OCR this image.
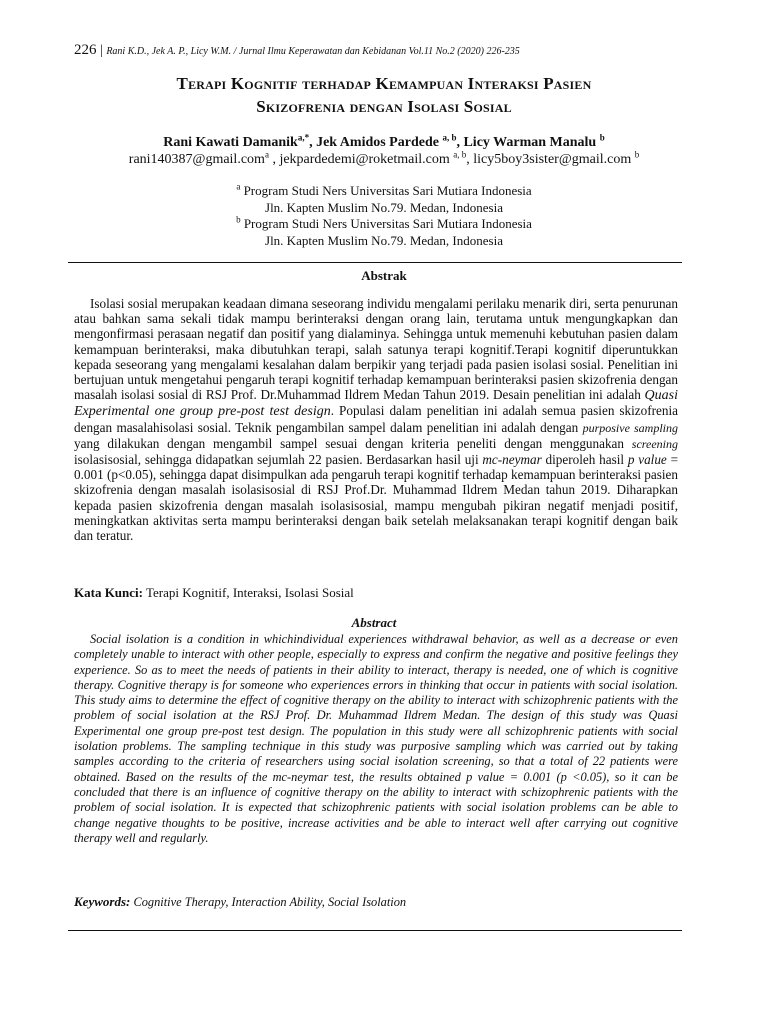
226 | Rani K.D., Jek A. P., Licy W.M. / Jurnal Ilmu Keperawatan dan Kebidanan Vol.11 No.2 (2020) 226-235
Terapi Kognitif terhadap Kemampuan Interaksi Pasien
Skizofrenia dengan Isolasi Sosial
Rani Kawati Damanik$^{a,*}$, Jek Amidos Pardede $^{a, b}$, Licy Warman Manalu $^b$
rani140387@gmail.com$^a$ , jekpardedemi@roketmail.com $^{a, b}$, licy5boy3sister@gmail.com $^b$
$^a$ Program Studi Ners Universitas Sari Mutiara Indonesia
Jln. Kapten Muslim No.79. Medan, Indonesia
$^b$ Program Studi Ners Universitas Sari Mutiara Indonesia
Jln. Kapten Muslim No.79. Medan, Indonesia
Abstrak

Isolasi sosial merupakan keadaan dimana seseorang individu mengalami perilaku menarik diri, serta penurunan atau bahkan sama sekali tidak mampu berinteraksi dengan orang lain, terutama untuk mengungkapkan dan mengonfirmasi perasaan negatif dan positif yang dialaminya. Sehingga untuk memenuhi kebutuhan pasien dalam kemampuan berinteraksi, maka dibutuhkan terapi, salah satunya terapi kognitif.Terapi kognitif diperuntukkan kepada seseorang yang mengalami kesalahan dalam berpikir yang terjadi pada pasien isolasi sosial. Penelitian ini bertujuan untuk mengetahui pengaruh terapi kognitif terhadap kemampuan berinteraksi pasien skizofrenia dengan masalah isolasi sosial di RSJ Prof. Dr.Muhammad Ildrem Medan Tahun 2019. Desain penelitian ini adalah Quasi Experimental one group pre-post test design. Populasi dalam penelitian ini adalah semua pasien skizofrenia dengan masalahisolasi sosial. Teknik pengambilan sampel dalam penelitian ini adalah dengan purposive sampling yang dilakukan dengan mengambil sampel sesuai dengan kriteria peneliti dengan menggunakan screening isolasisosial, sehingga didapatkan sejumlah 22 pasien. Berdasarkan hasil uji mc-neymar diperoleh hasil p value = 0.001 (p<0.05), sehingga dapat disimpulkan ada pengaruh terapi kognitif terhadap kemampuan berinteraksi pasien skizofrenia dengan masalah isolasisosial di RSJ Prof.Dr. Muhammad Ildrem Medan tahun 2019. Diharapkan kepada pasien skizofrenia dengan masalah isolasisosial, mampu mengubah pikiran negatif menjadi positif, meningkatkan aktivitas serta mampu berinteraksi dengan baik setelah melaksanakan terapi kognitif dengan baik dan teratur.

Kata Kunci: Terapi Kognitif, Interaksi, Isolasi Sosial
Abstract

Social isolation is a condition in whichindividual experiences withdrawal behavior, as well as a decrease or even completely unable to interact with other people, especially to express and confirm the negative and positive feelings they experience. So as to meet the needs of patients in their ability to interact, therapy is needed, one of which is cognitive therapy. Cognitive therapy is for someone who experiences errors in thinking that occur in patients with social isolation. This study aims to determine the effect of cognitive therapy on the ability to interact with schizophrenic patients with the problem of social isolation at the RSJ Prof. Dr. Muhammad Ildrem Medan. The design of this study was Quasi Experimental one group pre-post test design. The population in this study were all schizophrenic patients with social isolation problems. The sampling technique in this study was purposive sampling which was carried out by taking samples according to the criteria of researchers using social isolation screening, so that a total of 22 patients were obtained. Based on the results of the mc-neymar test, the results obtained p value = 0.001 (p <0.05), so it can be concluded that there is an influence of cognitive therapy on the ability to interact with schizophrenic patients with the problem of social isolation. It is expected that schizophrenic patients with social isolation problems can be able to change negative thoughts to be positive, increase activities and be able to interact well after carrying out cognitive therapy well and regularly.

Keywords: Cognitive Therapy, Interaction Ability, Social Isolation
